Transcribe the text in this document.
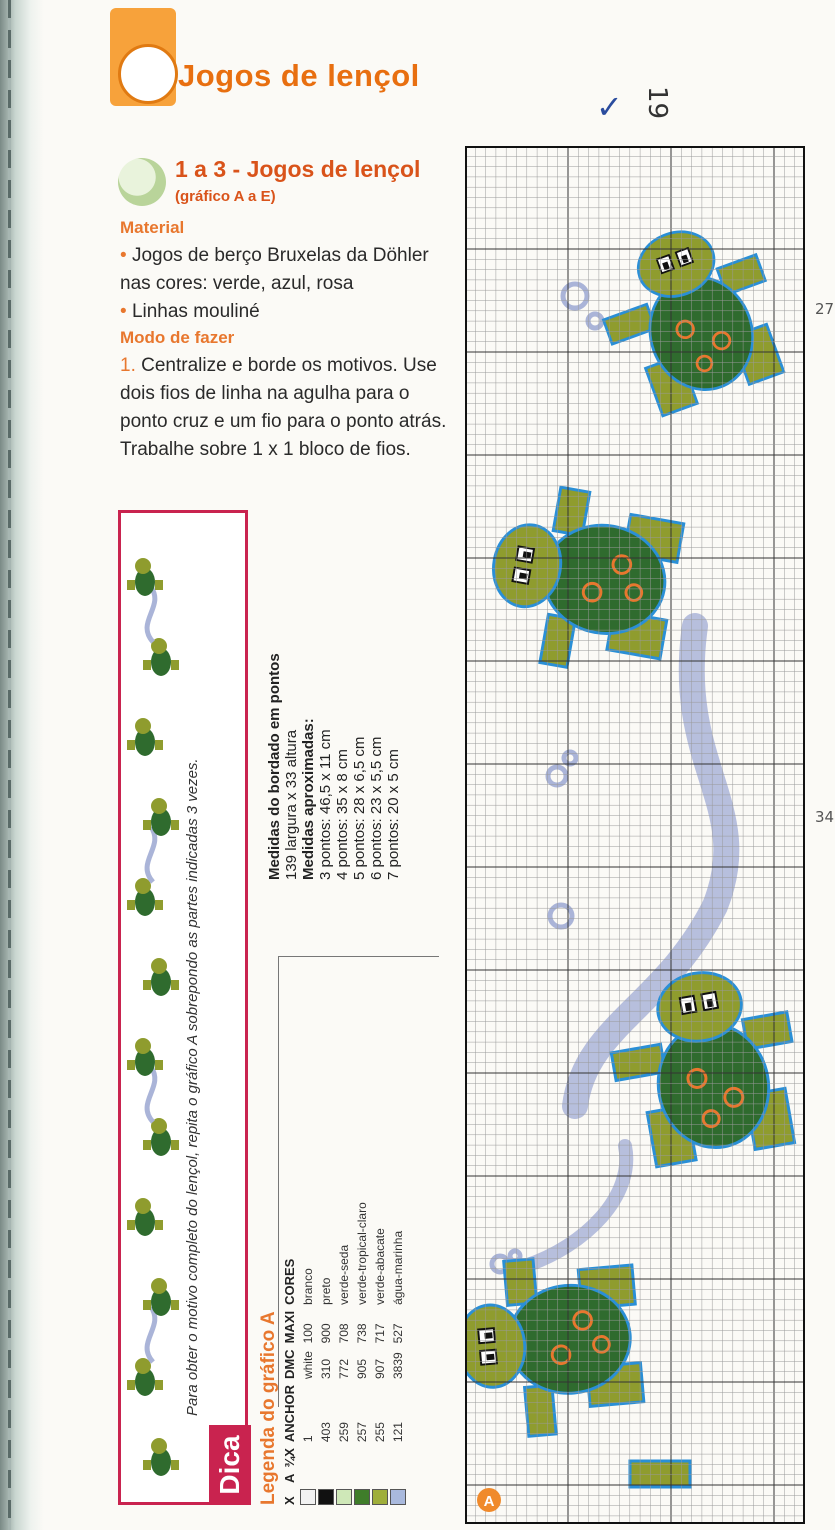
Jogos de lençol
✓ 19
1 a 3 - Jogos de lençol
(gráfico A a E)
Material
• Jogos de berço Bruxelas da Döhler nas cores: verde, azul, rosa
• Linhas mouliné
Modo de fazer
1. Centralize e borde os motivos. Use dois fios de linha na agulha para o ponto cruz e um fio para o ponto atrás. Trabalhe sobre 1 x 1 bloco de fios.
Dica
Para obter o motivo completo do lençol, repita o gráfico A sobrepondo as partes indicadas 3 vezes.	Legenda do gráfico A X	A	¾X	ANCHOR	DMC	MAXI	CORES
			1	white	100	branco
			403	310	900	preto
			259	772	708	verde-seda
			257	905	738	verde-tropical-claro
			255	907	717	verde-abacate
			121	3839	527	água-marinha
Medidas do bordado em pontos 139 largura x 33 altura Medidas aproximadas: 3 pontos: 46,5 x 11 cm 4 pontos: 35 x 8 cm 5 pontos: 28 x 6,5 cm 6 pontos: 23 x 5,5 cm 7 pontos: 20 x 5 cm
A
27
34
